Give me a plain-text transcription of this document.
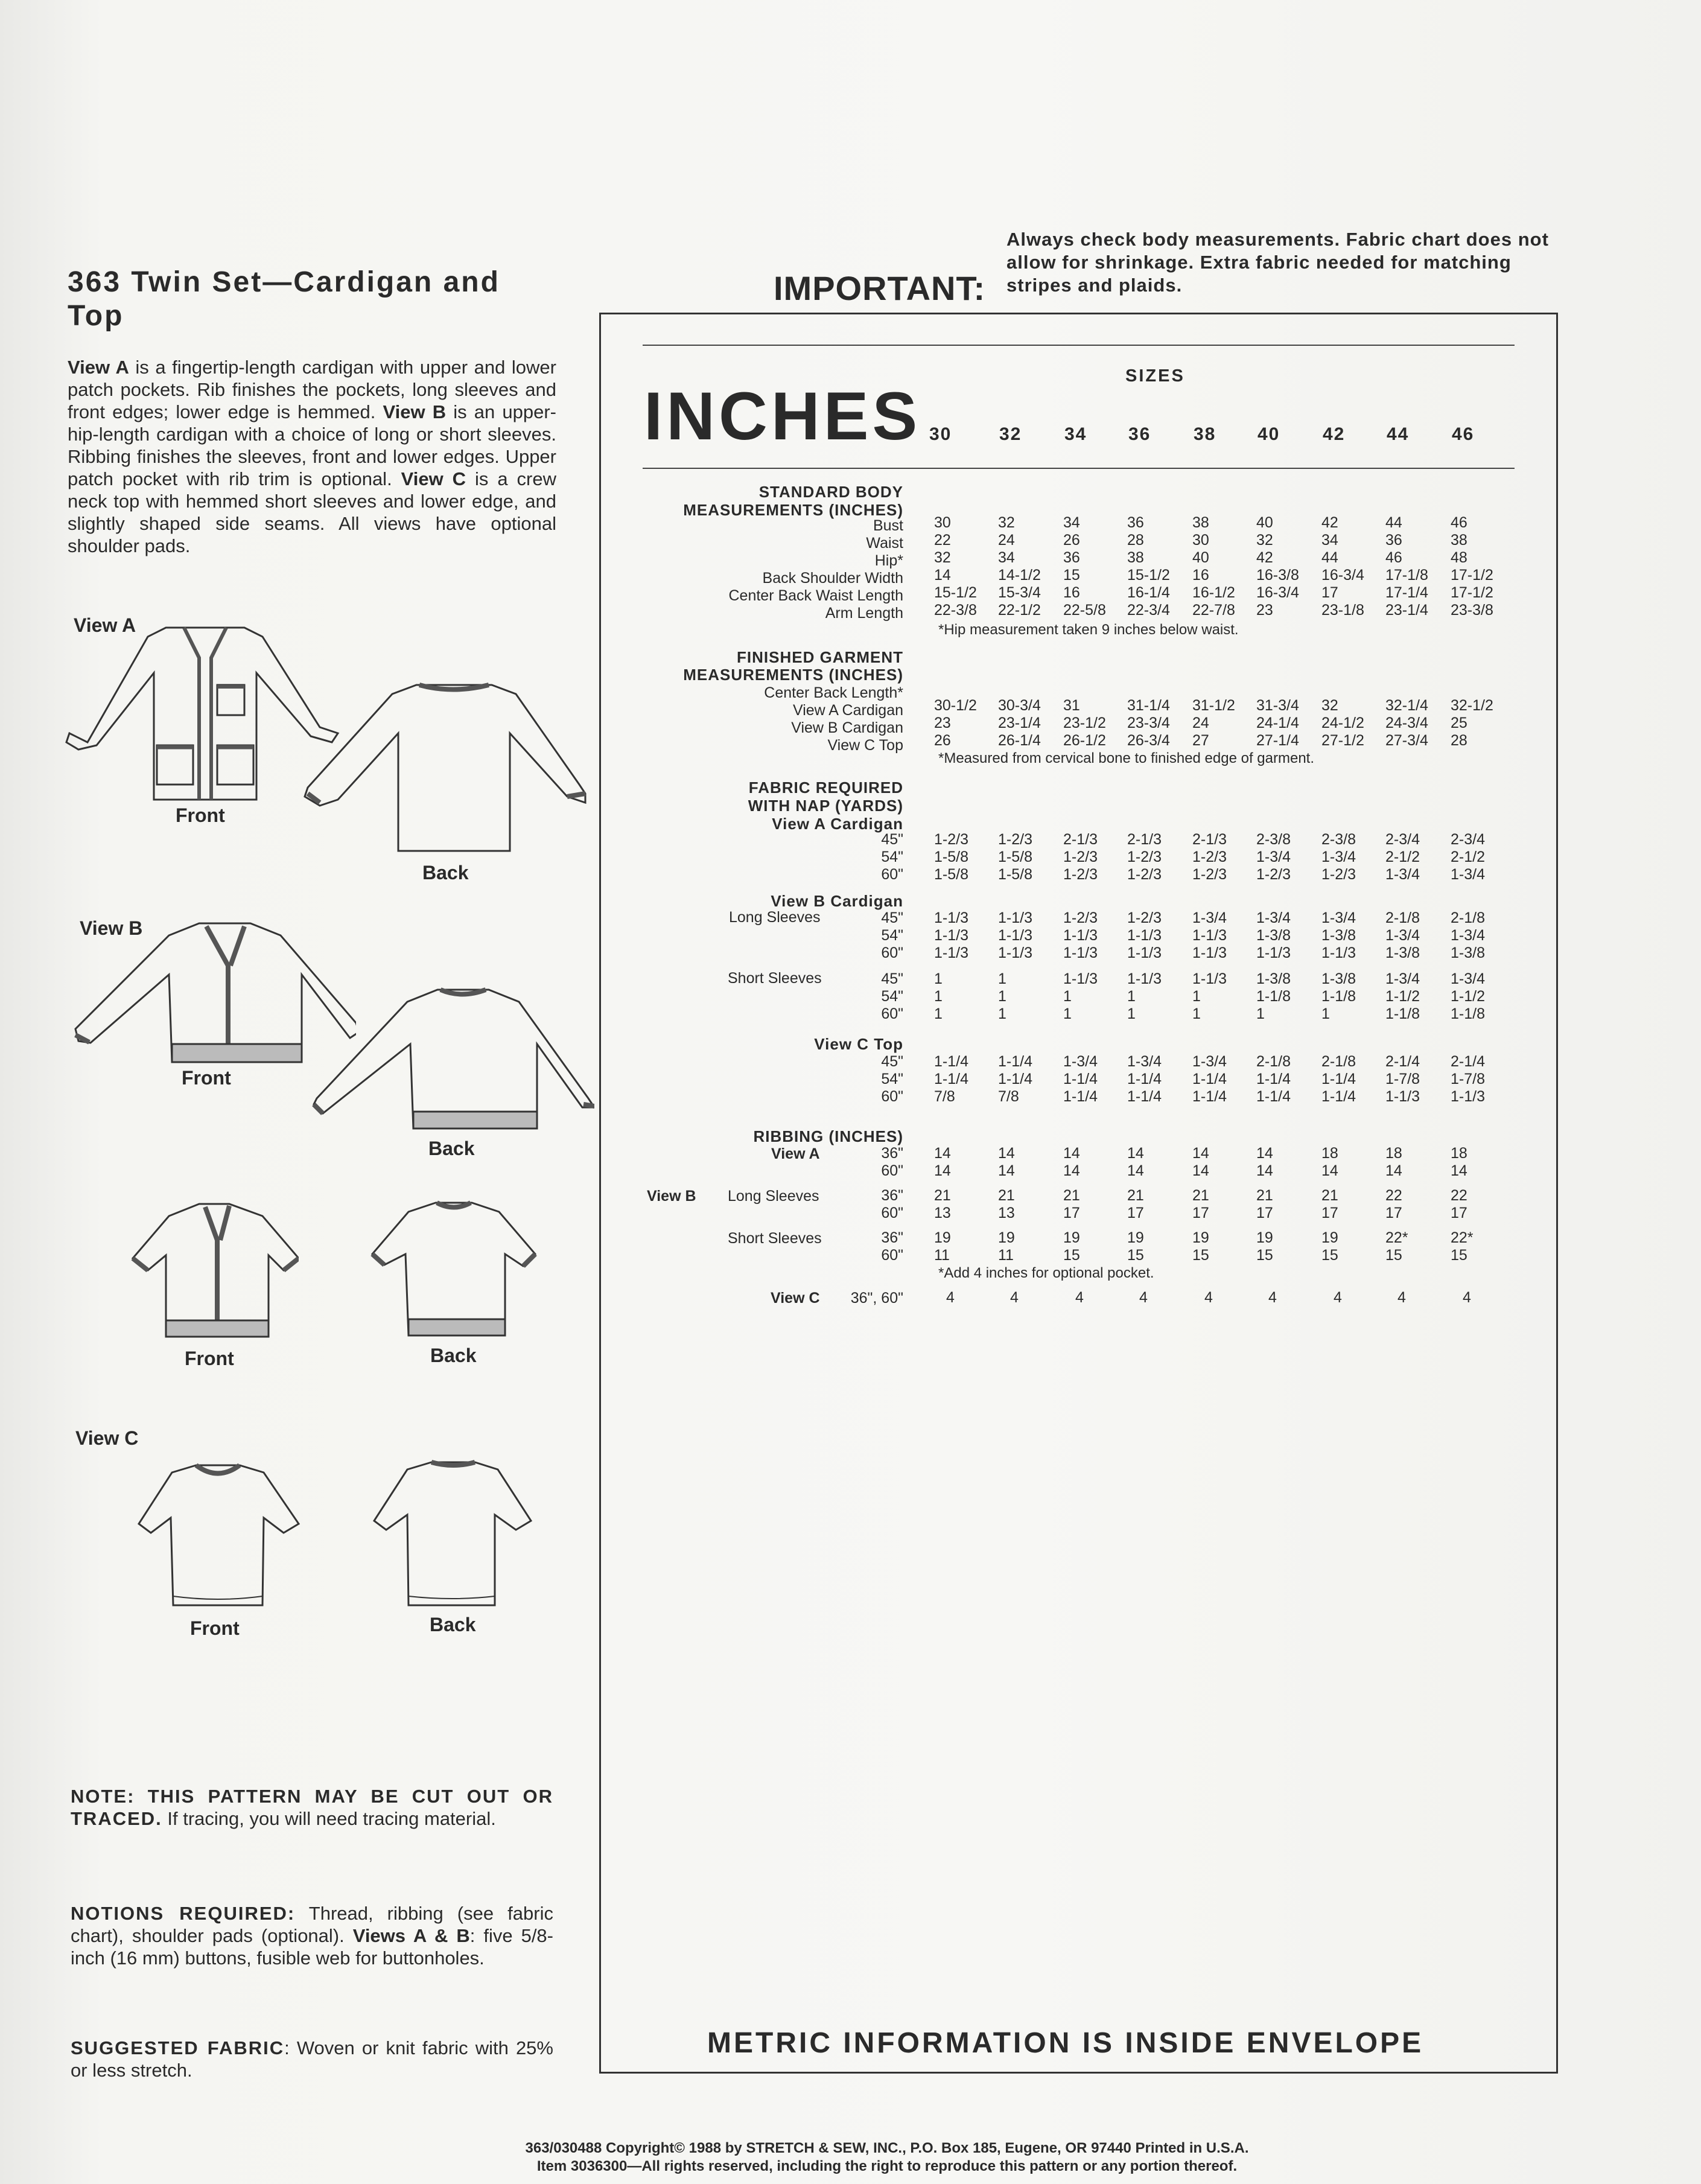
363 Twin Set—Cardigan and Top
View A is a fingertip-length cardigan with upper and lower patch pockets. Rib finishes the pockets, long sleeves and front edges; lower edge is hemmed. View B is an upper-hip-length cardigan with a choice of long or short sleeves. Ribbing finishes the sleeves, front and lower edges. Upper patch pocket with rib trim is optional. View C is a crew neck top with hemmed short sleeves and lower edge, and slightly shaped side seams. All views have optional shoulder pads.
View A
Front
Back
View B
Front
Back
Front	Back
View C
Front	Back
NOTE: THIS PATTERN MAY BE CUT OUT OR TRACED. If tracing, you will need tracing material.
NOTIONS REQUIRED: Thread, ribbing (see fabric chart), shoulder pads (optional). Views A & B: five 5/8-inch (16 mm) buttons, fusible web for buttonholes.
SUGGESTED FABRIC: Woven or knit fabric with 25% or less stretch.
IMPORTANT:
Always check body measurements. Fabric chart does not allow for shrinkage. Extra fabric needed for matching stripes and plaids.
SIZES
INCHES 30	32 34 36 38 40 42 44 46
STANDARD BODY
MEASUREMENTS (INCHES)
Bust 30	32	34	36	38	40	42	44	46
Waist 22	24	26	28	30	32	34	36	38
Hip* 32	34	36	38	40	42	44	46	48
Back Shoulder Width 14	14-1/2 15	15-1/2 16	16-3/8 16-3/4 17-1/8 17-1/2
Center Back Waist Length 15-1/2 15-3/4 16	16-1/4 16-1/2 16-3/4 17	17-1/4 17-1/2
Arm Length 22-3/8 22-1/2 22-5/8 22-3/4 22-7/8 23	23-1/8 23-1/4 23-3/8
*Hip measurement taken 9 inches below waist.
FINISHED GARMENT
MEASUREMENTS (INCHES)
Center Back Length*
View A Cardigan 30-1/2 30-3/4 31	31-1/4 31-1/2 31-3/4 32	32-1/4 32-1/2
View B Cardigan 23	23-1/4 23-1/2 23-3/4 24	24-1/4 24-1/2 24-3/4 25
View C Top 26	26-1/4 26-1/2 26-3/4 27	27-1/4 27-1/2 27-3/4 28
*Measured from cervical bone to finished edge of garment.
FABRIC REQUIRED
WITH NAP (YARDS)
View A Cardigan
45" 1-2/3 1-2/3 2-1/3 2-1/3 2-1/3 2-3/8 2-3/8 2-3/4 2-3/4
54" 1-5/8 1-5/8 1-2/3 1-2/3 1-2/3 1-3/4 1-3/4 2-1/2 2-1/2
60" 1-5/8 1-5/8 1-2/3 1-2/3 1-2/3 1-2/3 1-2/3 1-3/4 1-3/4
View B Cardigan
Long Sleeves	45" 1-1/3 1-1/3 1-2/3 1-2/3 1-3/4 1-3/4 1-3/4 2-1/8 2-1/8
54" 1-1/3 1-1/3 1-1/3 1-1/3 1-1/3 1-3/8 1-3/8 1-3/4 1-3/4
60" 1-1/3 1-1/3 1-1/3 1-1/3 1-1/3 1-1/3 1-1/3 1-3/8 1-3/8
Short Sleeves	45" 1	1	1-1/3 1-1/3 1-1/3 1-3/8 1-3/8 1-3/4 1-3/4
54" 1	1	1	1	1	1-1/8 1-1/8 1-1/2 1-1/2
60" 1	1	1	1	1	1	1	1-1/8 1-1/8
View C Top
45" 1-1/4 1-1/4 1-3/4 1-3/4 1-3/4 2-1/8 2-1/8 2-1/4 2-1/4
54" 1-1/4 1-1/4 1-1/4 1-1/4 1-1/4 1-1/4 1-1/4 1-7/8 1-7/8
60" 7/8	7/8	1-1/4 1-1/4 1-1/4 1-1/4 1-1/4 1-1/3 1-1/3
RIBBING (INCHES)
View A	36" 14	14	14	14	14	14	18	18	18
60" 14	14	14	14	14	14	14	14	14
View B Long Sleeves	36" 21	21	21	21	21	21	21	22	22
60" 13	13	17	17	17	17	17	17	17
Short Sleeves	36" 19	19	19	19	19	19	19	22*	22*
60" 11	11	15	15	15	15	15	15	15
*Add 4 inches for optional pocket.
View C 36", 60"	4	4	4	4	4	4	4	4	4
METRIC INFORMATION IS INSIDE ENVELOPE
363/030488 Copyright© 1988 by STRETCH & SEW, INC., P.O. Box 185, Eugene, OR 97440 Printed in U.S.A.
Item 3036300—All rights reserved, including the right to reproduce this pattern or any portion thereof.
